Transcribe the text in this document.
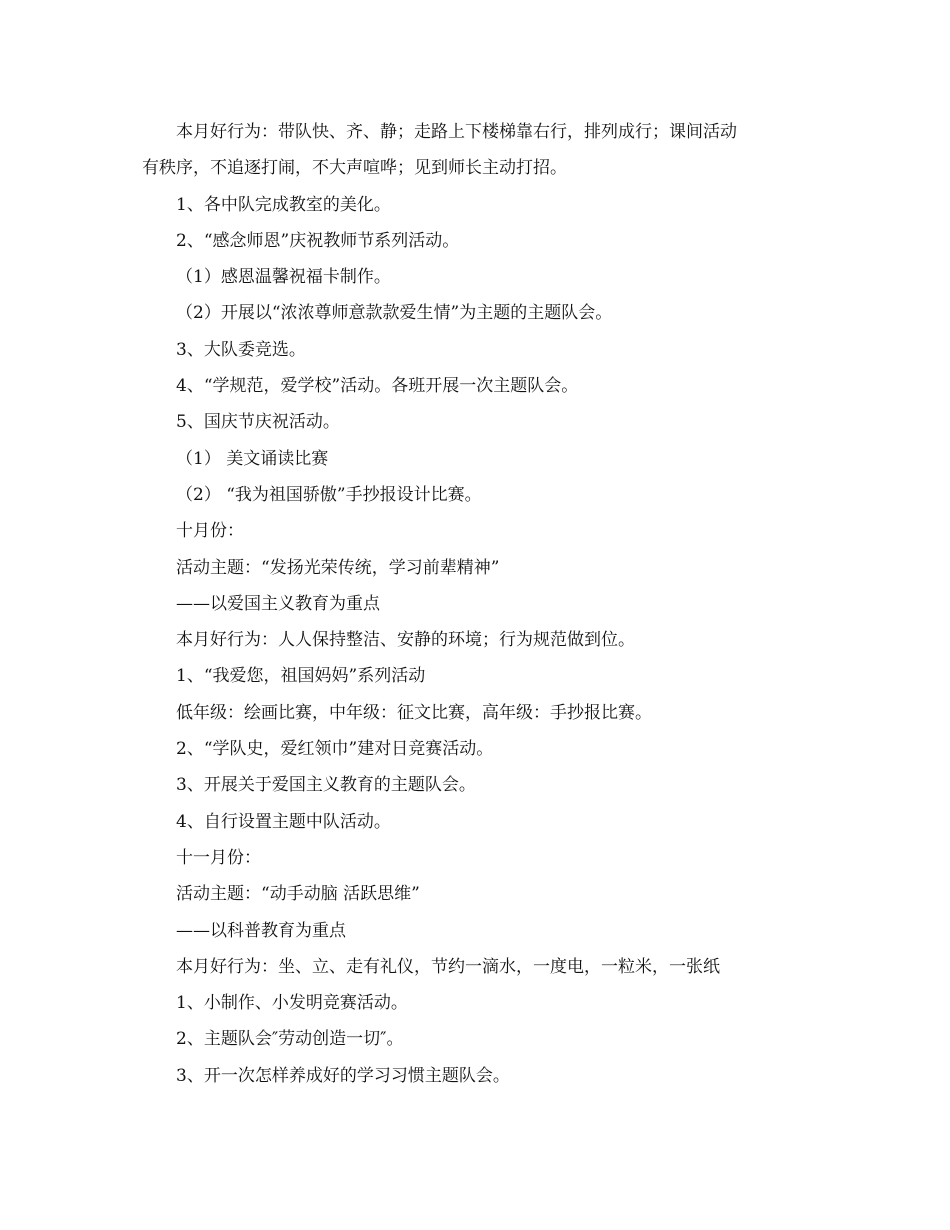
本月好行为：带队快、齐、静；走路上下楼梯靠右行，排列成行；课间活动
有秩序，不追逐打闹，不大声喧哗；见到师长主动打招。
1、各中队完成教室的美化。
2、“感念师恩”庆祝教师节系列活动。
（1）感恩温馨祝福卡制作。
（2）开展以“浓浓尊师意款款爱生情”为主题的主题队会。
3、大队委竞选。
4、“学规范，爱学校”活动。各班开展一次主题队会。
5、国庆节庆祝活动。
（1） 美文诵读比赛
（2） “我为祖国骄傲”手抄报设计比赛。
十月份：
活动主题：“发扬光荣传统，学习前辈精神”
——以爱国主义教育为重点
本月好行为：人人保持整洁、安静的环境；行为规范做到位。
1、“我爱您，祖国妈妈”系列活动
低年级：绘画比赛，中年级：征文比赛，高年级：手抄报比赛。
2、“学队史，爱红领巾”建对日竞赛活动。
3、开展关于爱国主义教育的主题队会。
4、自行设置主题中队活动。
十一月份：
活动主题：“动手动脑 活跃思维”
——以科普教育为重点
本月好行为：坐、立、走有礼仪，节约一滴水，一度电，一粒米，一张纸
1、小制作、小发明竞赛活动。
2、主题队会″劳动创造一切″。
3、开一次怎样养成好的学习习惯主题队会。
